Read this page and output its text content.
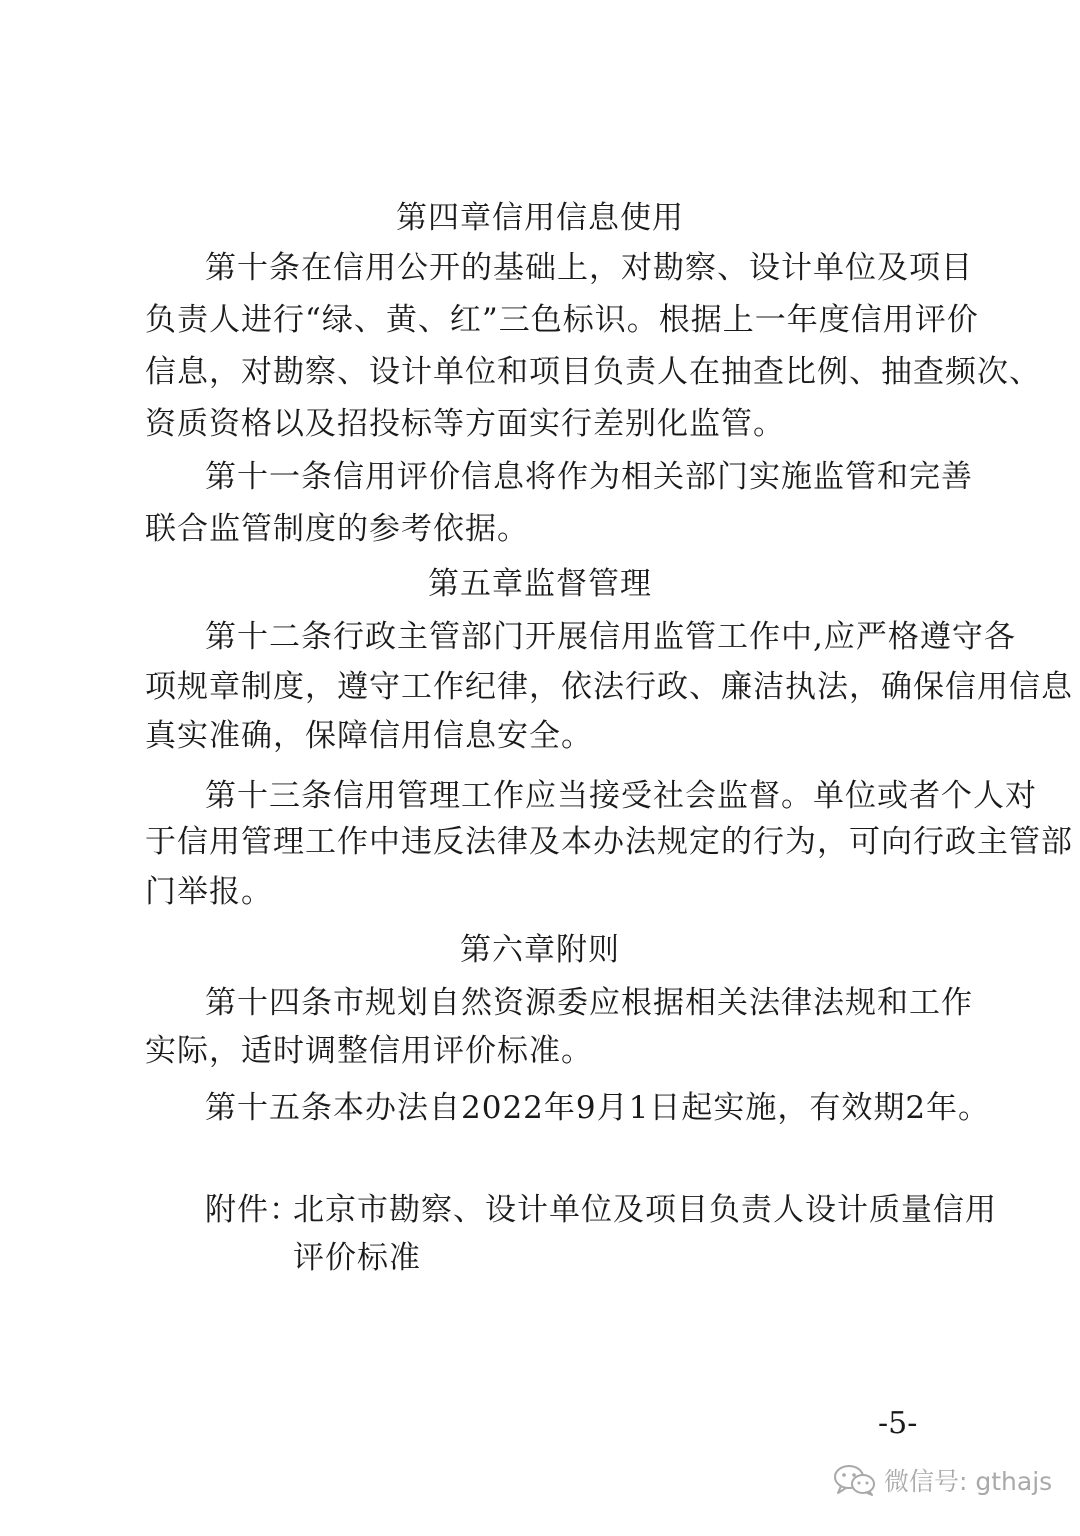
第四章信用信息使用
第十条在信用公开的基础上，对勘察、设计单位及项目
负责人进行“绿、黄、红”三色标识。根据上一年度信用评价
信息，对勘察、设计单位和项目负责人在抽查比例、抽查频次、
资质资格以及招投标等方面实行差别化监管。
第十一条信用评价信息将作为相关部门实施监管和完善
联合监管制度的参考依据。
第五章监督管理
第十二条行政主管部门开展信用监管工作中,应严格遵守各
项规章制度，遵守工作纪律，依法行政、廉洁执法，确保信用信息
真实准确，保障信用信息安全。
第十三条信用管理工作应当接受社会监督。单位或者个人对
于信用管理工作中违反法律及本办法规定的行为，可向行政主管部
门举报。
第六章附则
第十四条市规划自然资源委应根据相关法律法规和工作
实际，适时调整信用评价标准。
第十五条本办法自2022年9月1日起实施，有效期2年。
附件：
北京市勘察、设计单位及项目负责人设计质量信用
评价标准
-5-
微信号: gthajs
